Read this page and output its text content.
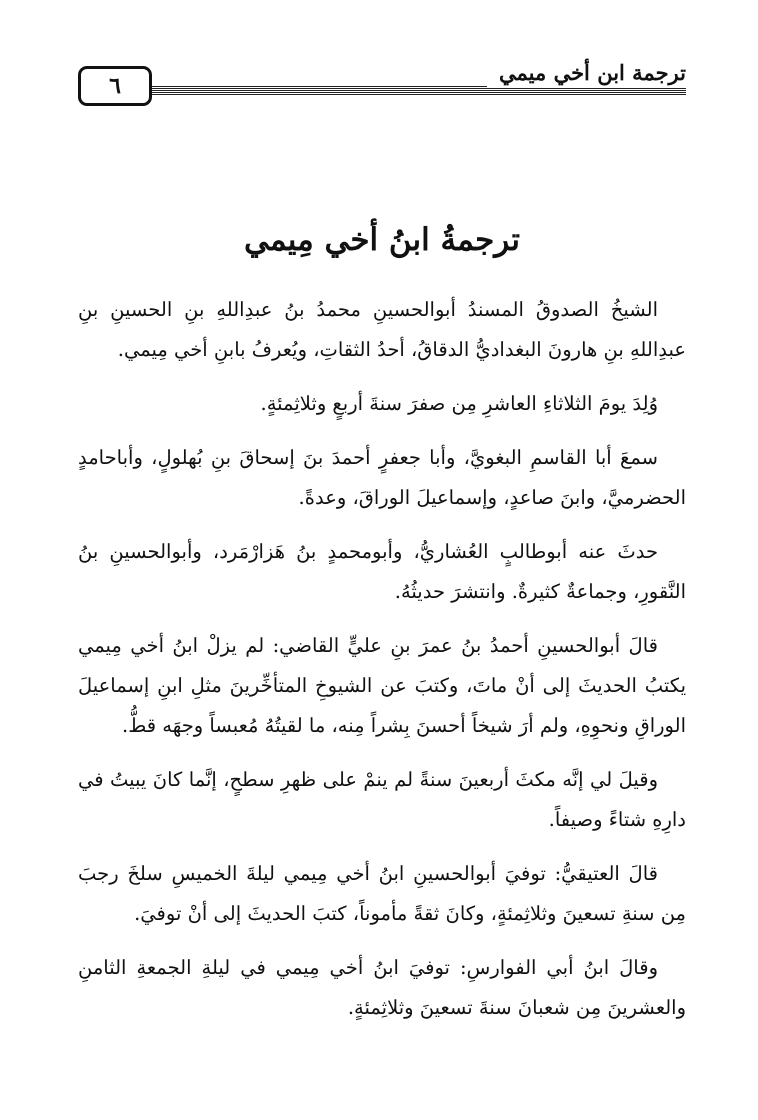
ترجمة ابن أخي ميمي
٦
ترجمةُ ابنُ أخي مِيمي

الشيخُ الصدوقُ المسندُ أبوالحسينِ محمدُ بنُ عبدِاللهِ بنِ الحسينِ بنِ عبدِاللهِ بنِ هارونَ البغداديُّ الدقاقُ، أحدُ الثقاتِ، ويُعرفُ بابنِ أخي مِيمي.

وُلِدَ يومَ الثلاثاءِ العاشرِ مِن صفرَ سنةَ أربعٍ وثلاثِمئةٍ.

سمعَ أبا القاسمِ البغويَّ، وأبا جعفرٍ أحمدَ بنَ إسحاقَ بنِ بُهلولٍ، وأباحامدٍ الحضرميَّ، وابنَ صاعدٍ، وإسماعيلَ الوراقَ، وعدةً.

حدثَ عنه أبوطالبٍ العُشاريُّ، وأبومحمدٍ بنُ هَزارْمَرد، وأبوالحسينِ بنُ النَّقورِ، وجماعةٌ كثيرةٌ. وانتشرَ حديثُهُ.

قالَ أبوالحسينِ أحمدُ بنُ عمرَ بنِ عليٍّ القاضي: لم يزلْ ابنُ أخي مِيمي يكتبُ الحديثَ إلى أنْ ماتَ، وكتبَ عن الشيوخِ المتأخِّرينَ مثلِ ابنِ إسماعيلَ الوراقِ ونحوِهِ، ولم أرَ شيخاً أحسنَ بِشراً مِنه، ما لقيتُهُ مُعبساً وجهَه قطُّ.

وقيلَ لي إنَّه مكثَ أربعينَ سنةً لم ينمْ على ظهرِ سطحٍ، إنَّما كانَ يبيتُ في دارِهِ شتاءً وصيفاً.

قالَ العتيقيُّ: توفيَ أبوالحسينِ ابنُ أخي مِيمي ليلةَ الخميسِ سلخَ رجبَ مِن سنةِ تسعينَ وثلاثِمئةٍ، وكانَ ثقةً مأموناً، كتبَ الحديثَ إلى أنْ توفيَ.

وقالَ ابنُ أبي الفوارسِ: توفيَ ابنُ أخي مِيمي في ليلةِ الجمعةِ الثامنِ والعشرينَ مِن شعبانَ سنةَ تسعينَ وثلاثِمئةٍ.
